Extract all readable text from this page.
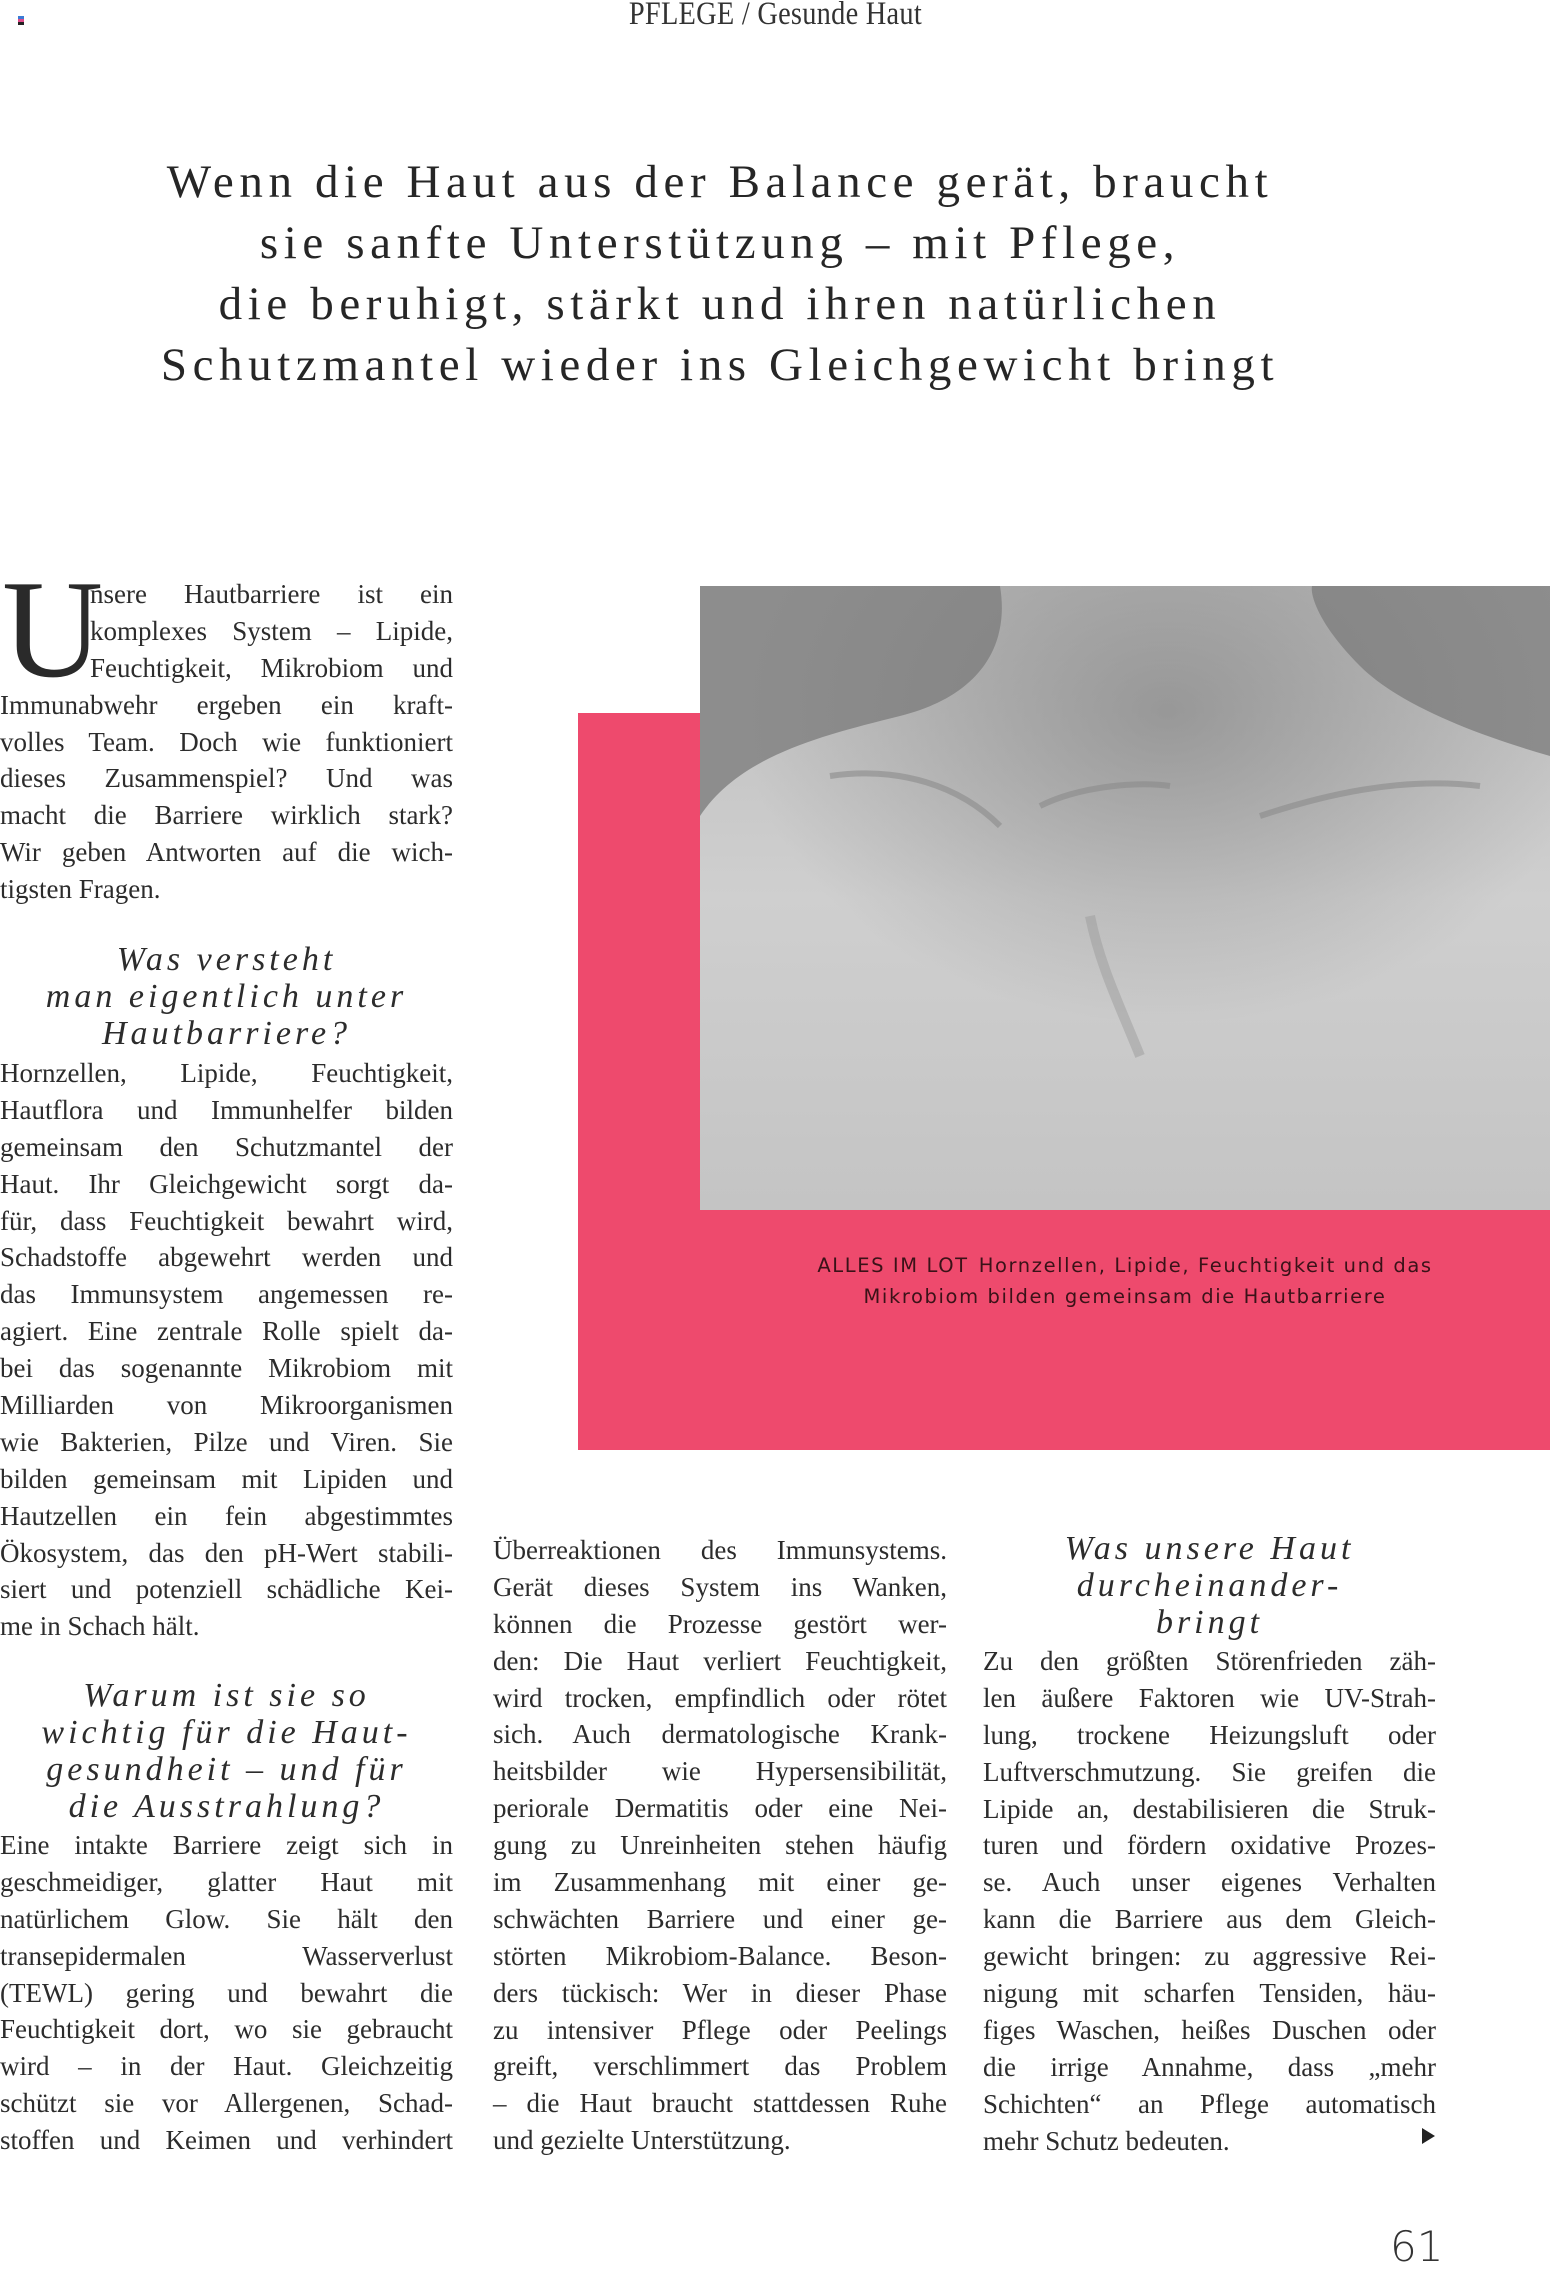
PFLEGE / Gesunde Haut
Wenn die Haut aus der Balance gerät, braucht
sie sanfte Unterstützung – mit Pflege,
die beruhigt, stärkt und ihren natürlichen
Schutzmantel wieder ins Gleichgewicht bringt
ALLES IM LOT Hornzellen, Lipide, Feuchtigkeit und das
Mikrobiom bilden gemeinsam die Hautbarriere
U
nsere Hautbarriere ist ein
komplexes System – Lipide,
Feuchtigkeit, Mikrobiom und
Immunabwehr ergeben ein kraft-
volles Team. Doch wie funktioniert
dieses Zusammenspiel? Und was
macht die Barriere wirklich stark?
Wir geben Antworten auf die wich-
tigsten Fragen.
Was versteht
man eigentlich unter
Hautbarriere?
Hornzellen, Lipide, Feuchtigkeit,
Hautflora und Immunhelfer bilden
gemeinsam den Schutzmantel der
Haut. Ihr Gleichgewicht sorgt da-
für, dass Feuchtigkeit bewahrt wird,
Schadstoffe abgewehrt werden und
das Immunsystem angemessen re-
agiert. Eine zentrale Rolle spielt da-
bei das sogenannte Mikrobiom mit
Milliarden von Mikroorganismen
wie Bakterien, Pilze und Viren. Sie
bilden gemeinsam mit Lipiden und
Hautzellen ein fein abgestimmtes
Ökosystem, das den pH-Wert stabili-
siert und potenziell schädliche Kei-
me in Schach hält.
Warum ist sie so
wichtig für die Haut-
gesundheit – und für
die Ausstrahlung?
Eine intakte Barriere zeigt sich in
geschmeidiger, glatter Haut mit
natürlichem Glow. Sie hält den
transepidermalen Wasserverlust
(TEWL) gering und bewahrt die
Feuchtigkeit dort, wo sie gebraucht
wird – in der Haut. Gleichzeitig
schützt sie vor Allergenen, Schad-
stoffen und Keimen und verhindert
Überreaktionen des Immunsystems.
Gerät dieses System ins Wanken,
können die Prozesse gestört wer-
den: Die Haut verliert Feuchtigkeit,
wird trocken, empfindlich oder rötet
sich. Auch dermatologische Krank-
heitsbilder wie Hypersensibilität,
periorale Dermatitis oder eine Nei-
gung zu Unreinheiten stehen häufig
im Zusammenhang mit einer ge-
schwächten Barriere und einer ge-
störten Mikrobiom-Balance. Beson-
ders tückisch: Wer in dieser Phase
zu intensiver Pflege oder Peelings
greift, verschlimmert das Problem
– die Haut braucht stattdessen Ruhe
und gezielte Unterstützung.
Was unsere Haut
durcheinander-
bringt
Zu den größten Störenfrieden zäh-
len äußere Faktoren wie UV-Strah-
lung, trockene Heizungsluft oder
Luftverschmutzung. Sie greifen die
Lipide an, destabilisieren die Struk-
turen und fördern oxidative Prozes-
se. Auch unser eigenes Verhalten
kann die Barriere aus dem Gleich-
gewicht bringen: zu aggressive Rei-
nigung mit scharfen Tensiden, häu-
figes Waschen, heißes Duschen oder
die irrige Annahme, dass „mehr
Schichten“ an Pflege automatisch
mehr Schutz bedeuten.
61
